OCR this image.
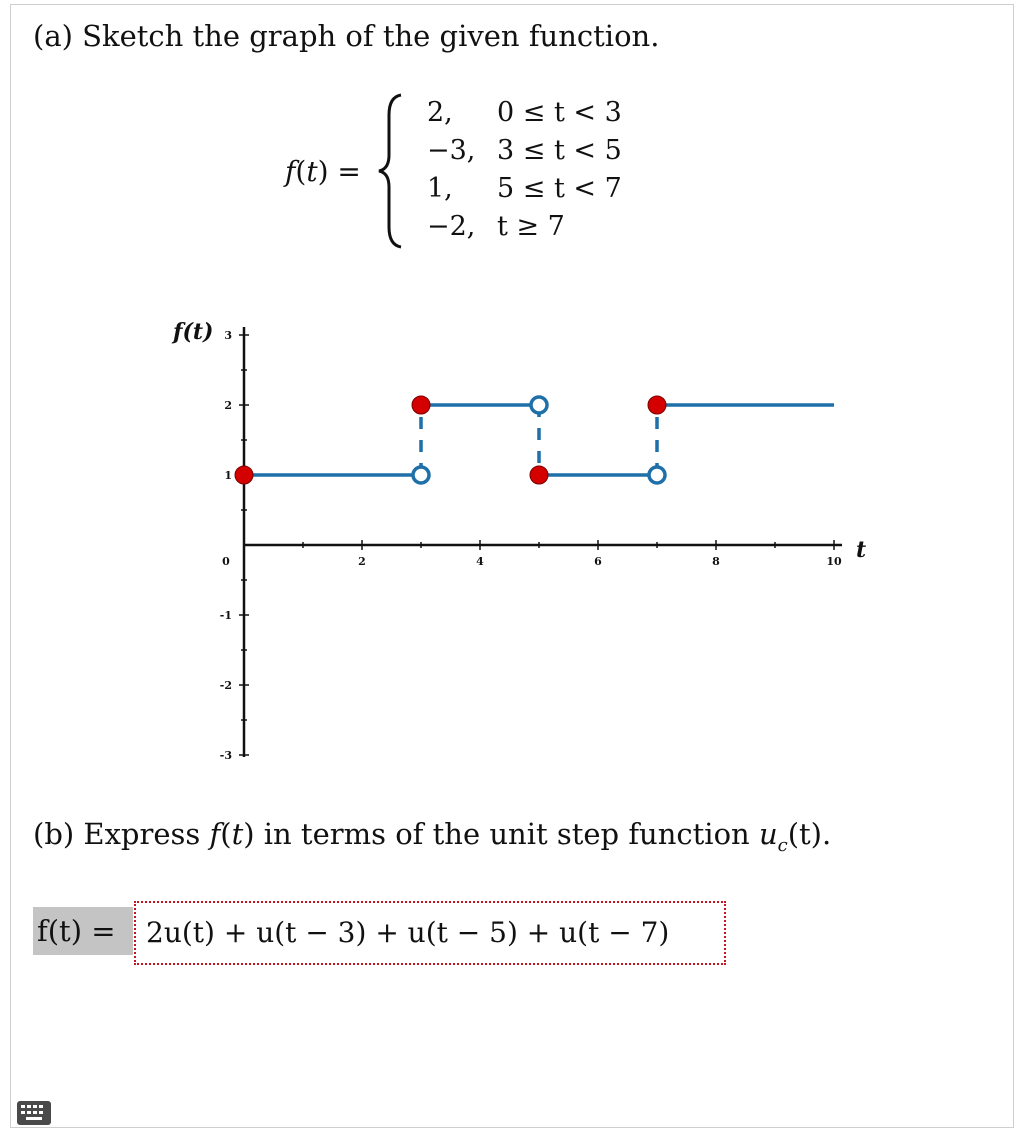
(a) Sketch the graph of the given function.
f(t) =
2, 0 ≤ t < 3
−3, 3 ≤ t < 5
1, 5 ≤ t < 7
−2, t ≥ 7
2	4	6	8	10
0
-3
-2
-1
1
2
3
f(t)
t
(b) Express f(t) in terms of the unit step function $u_c(t)$.
f(t) =	2u(t) + u(t − 3) + u(t − 5) + u(t − 7)
